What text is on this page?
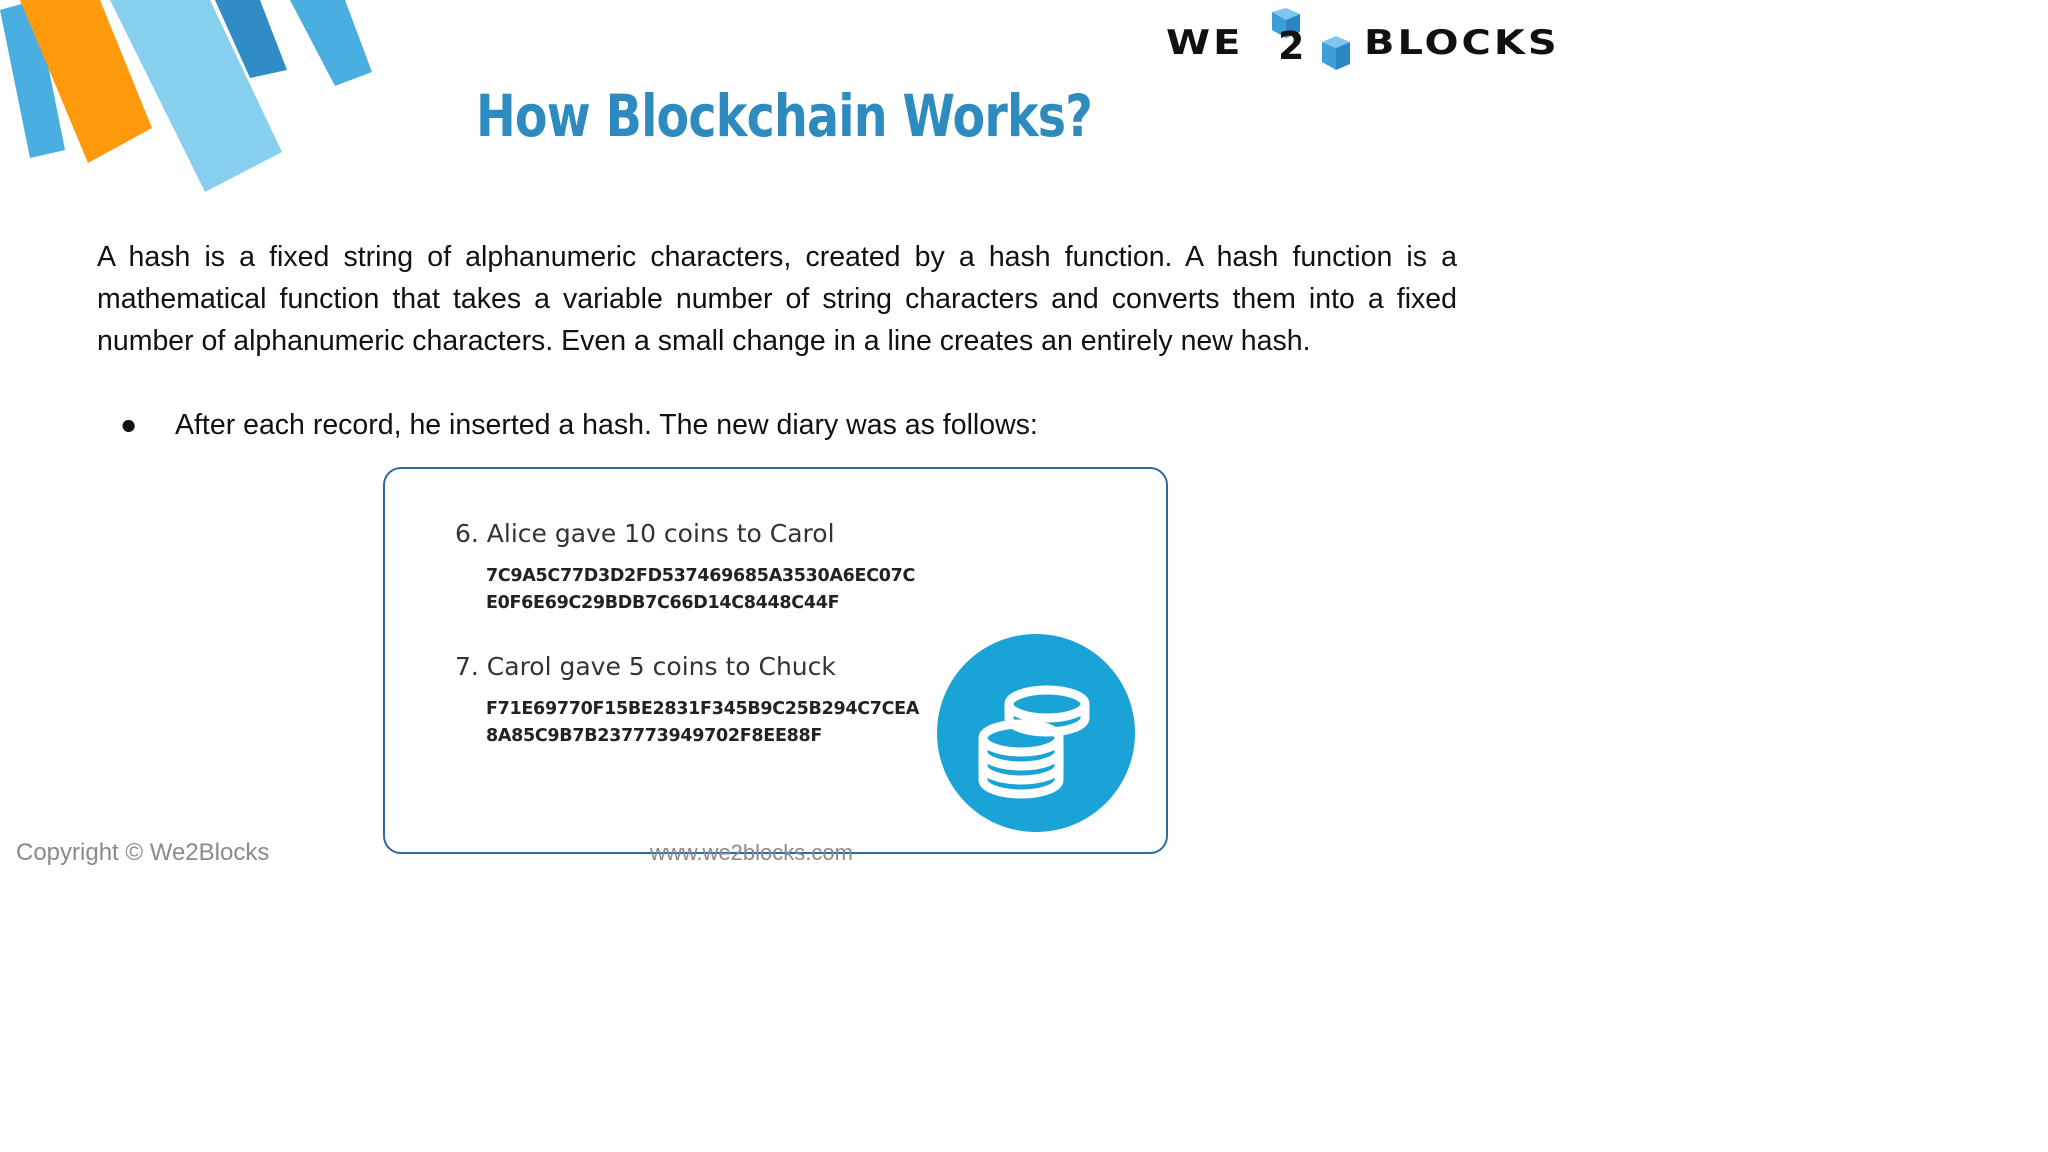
WE 2 BLOCKS
How Blockchain Works?

A hash is a fixed string of alphanumeric characters, created by a hash function. A hash function is a mathematical function that takes a variable number of string characters and converts them into a fixed number of alphanumeric characters. Even a small change in a line creates an entirely new hash.

● After each record, he inserted a hash. The new diary was as follows:
6. Alice gave 10 coins to Carol
7C9A5C77D3D2FD537469685A3530A6EC07C
E0F6E69C29BDB7C66D14C8448C44F
7. Carol gave 5 coins to Chuck
F71E69770F15BE2831F345B9C25B294C7CEA
8A85C9B7B237773949702F8EE88F
www.we2blocks.com
Copyright © We2Blocks
